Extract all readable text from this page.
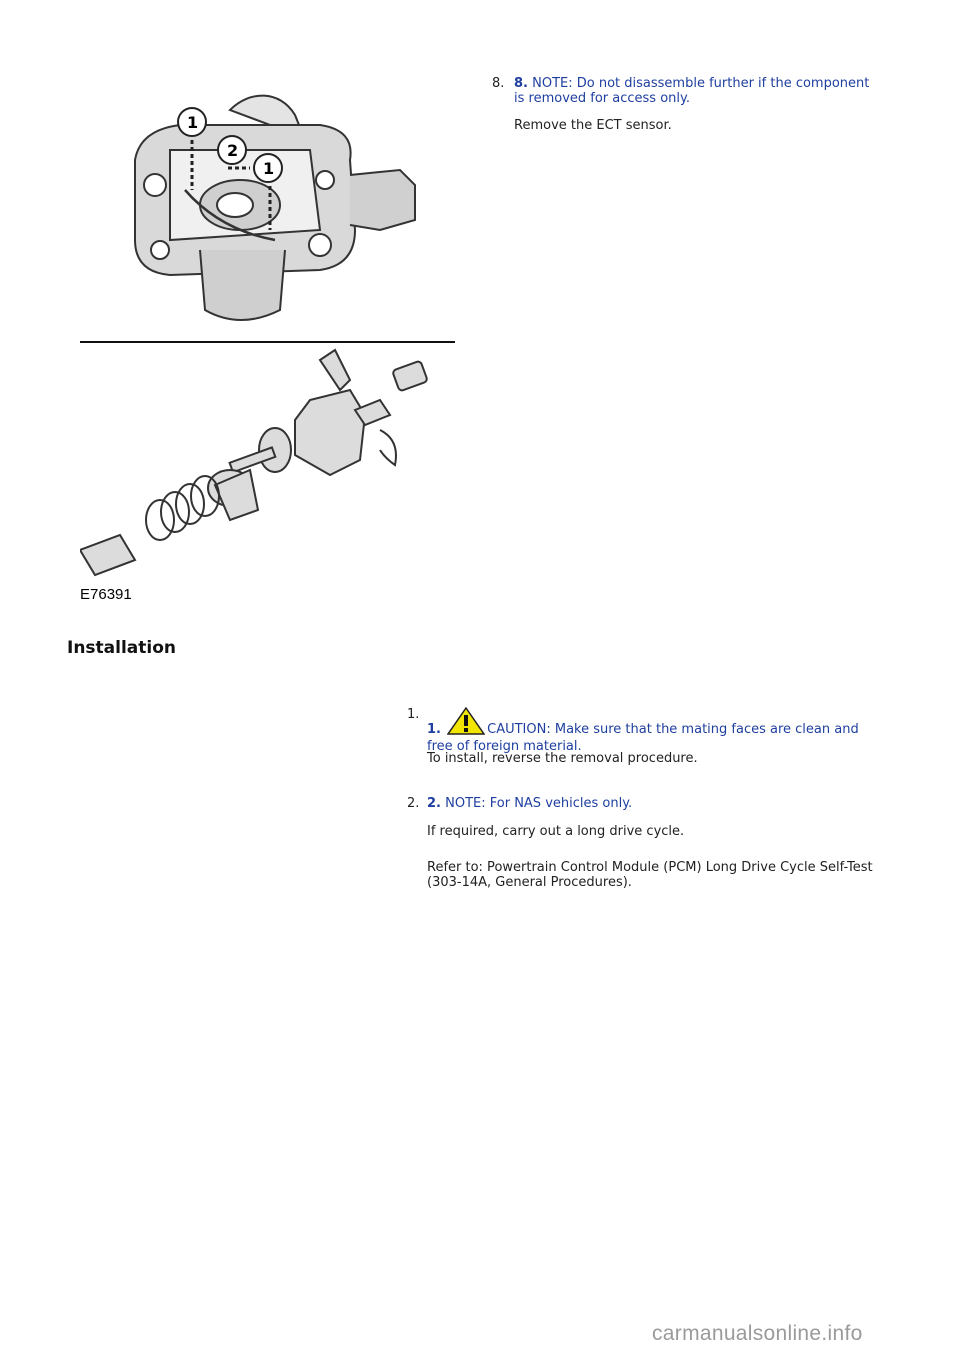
1
2
1
E76391
8. 8. NOTE: Do not disassemble further if the component
is removed for access only.
Remove the ECT sensor.
Installation
1.
1.	CAUTION: Make sure that the mating faces are clean and
free of foreign material.
To install, reverse the removal procedure.
2. 2. NOTE: For NAS vehicles only.
If required, carry out a long drive cycle.
Refer to: Powertrain Control Module (PCM) Long Drive Cycle Self-Test
(303-14A, General Procedures).
carmanualsonline.info
